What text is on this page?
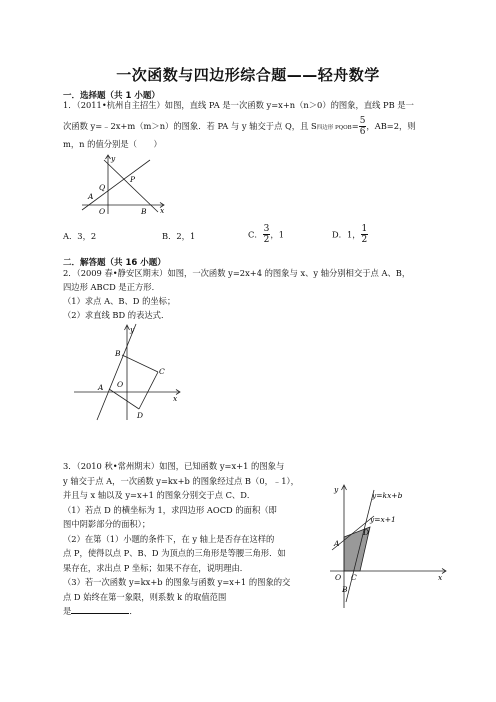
一次函数与四边形综合题——轻舟数学
一．选择题（共 1 小题）
1．（2011•杭州自主招生）如图，直线 PA 是一次函数 y=x+n（n＞0）的图象，直线 PB 是一
次函数 y=﹣2x+m（m＞n）的图象．若 PA 与 y 轴交于点 Q，且 S四边形 PQOB= $\frac{5}{6}$ ，AB=2，则
m，n 的值分别是（　　）
y
x
P
Q
A
O	B
A．3，2	B．2，1	C． $\frac{3}{2}$ ，1	D．1， $\frac{1}{2}$
二．解答题（共 16 小题）
2．（2009 春•静安区期末）如图，一次函数 y=2x+4 的图象与 x、y 轴分别相交于点 A、B，
四边形 ABCD 是正方形．
（1）求点 A、B、D 的坐标；
（2）求直线 BD 的表达式．
y
x
B
C
A O
D
3．（2010 秋•常州期末）如图，已知函数 y=x+1 的图象与
y 轴交于点 A，一次函数 y=kx+b 的图象经过点 B（0，﹣1），
并且与 x 轴以及 y=x+1 的图象分别交于点 C、D．
（1）若点 D 的横坐标为 1，求四边形 AOCD 的面积（即
图中阴影部分的面积）；
（2）在第（1）小题的条件下，在 y 轴上是否存在这样的
点 P，使得以点 P、B、D 为顶点的三角形是等腰三角形．如
果存在，求出点 P 坐标；如果不存在，说明理由．
（3）若一次函数 y=kx+b 的图象与函数 y=x+1 的图象的交
点 D 始终在第一象限，则系数 k 的取值范围
是	．
y
x
y=kx+b
y=x+1
D
A
O C
B
